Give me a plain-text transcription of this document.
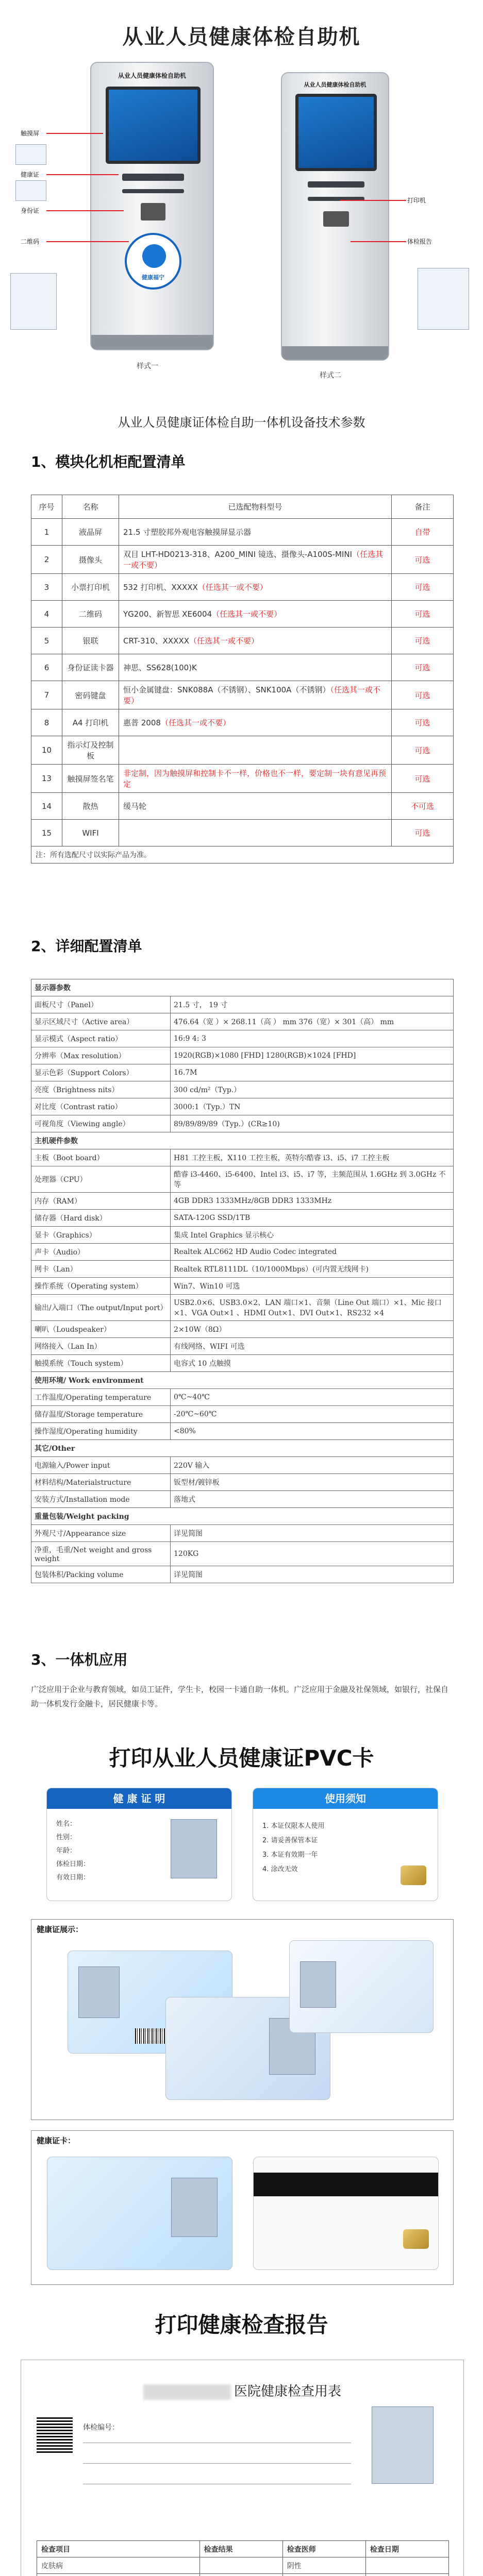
从业人员健康体检自助机
从业人员健康体检自助机
健康福宁
从业人员健康体检自助机
触摸屏
健康证
身份证
二维码
打印机
体检报告
样式一
样式二
从业人员健康证体检自助一体机设备技术参数
1、模块化机柜配置清单
序号	名称	已选配物料型号	备注
1	液晶屏	21.5 寸塑胶邦外观电容触摸屏显示器	自带
2	摄像头	双目 LHT-HD0213-318、A200_MINI 镜选、摄像头-A100S-MINI（任选其一或不要）	可选
3	小票打印机	532 打印机、XXXXX（任选其一或不要）	可选
4	二维码	YG200、新智思 XE6004（任选其一或不要）	可选
5	银联	CRT-310、XXXXX（任选其一或不要）	可选
6	身份证读卡器	神思、SS628(100)K	可选
7	密码键盘	恒小金属键盘：SNK088A（不锈钢）、SNK100A（不锈钢）（任选其一或不要）	可选
8	A4 打印机	惠普 2008（任选其一或不要）	可选
10	指示灯及控制板		可选
13	触摸屏签名笔	非定制，因为触摸屏和控制卡不一样，价格也不一样，要定制一块有意见再预定	可选
14	散热	缓马轮	不可选
15	WIFI		可选
注：所有选配尺寸以实际产品为准。			
2、详细配置清单
显示器参数	
面板尺寸（Panel）	21.5 寸， 19 寸
显示区域尺寸（Active area）	476.64（宽 ）× 268.11（高 ） mm 376（宽）× 301（高） mm
显示模式（Aspect ratio）	16:9 4: 3
分辨率（Max resolution）	1920(RGB)×1080 [FHD] 1280(RGB)×1024 [FHD]
显示色彩（Support Colors）	16.7M
亮度（Brightness nits）	300 cd/m²（Typ.）
对比度（Contrast ratio）	3000:1（Typ.）TN
可视角度（Viewing angle）	89/89/89/89（Typ.）(CR≥10)
主机硬件参数	
主板（Boot board）	H81 工控主板，X110 工控主板，英特尔酷睿 i3、i5、i7 工控主板
处理器（CPU）	酷睿 i3-4460、i5-6400、Intel i3、i5、i7 等，主频范围从 1.6GHz 到 3.0GHz 不等
内存（RAM）	4GB DDR3 1333MHz/8GB DDR3 1333MHz
储存器（Hard disk）	SATA-120G SSD/1TB
显卡（Graphics）	集成 Intel Graphics 显示核心
声卡（Audio）	Realtek ALC662 HD Audio Codec integrated
网卡（Lan）	Realtek RTL8111DL（10/1000Mbps）(可内置无线网卡)
操作系统（Operating system）	Win7、Win10 可选
输出/入端口（The output/Input port）	USB2.0×6、USB3.0×2、LAN 端口×1、音频（Line Out 端口）×1、Mic 接口×1、VGA Out×1 、HDMI Out×1、DVI Out×1、RS232 ×4
喇叭（Loudspeaker）	2×10W（8Ω）
网络接入（Lan In）	有线网络、WIFI 可选
触摸系统（Touch system）	电容式 10 点触摸
使用环境/ Work environment	
工作温度/Operating temperature	0℃~40℃
储存温度/Storage temperature	-20℃~60℃
操作湿度/Operating humidity	<80%
其它/Other	
电源输入/Power input	220V 输入
材料结构/Materialstructure	钣型材/镀锌板
安装方式/Installation mode	落地式
重量包装/Weight packing	
外观尺寸/Appearance size	详见简图
净重，毛重/Net weight and gross weight	120KG
包装体积/Packing volume	详见简图
3、一体机应用
广泛应用于企业与教育领域，如员工证件，学生卡，校园一卡通自助一体机。广泛应用于金融及社保领域，如银行，社保自助一体机发行金融卡，居民健康卡等。
打印从业人员健康证PVC卡
健 康 证 明
姓名：
性别：
年龄：
体检日期：
有效日期：
使用须知
1. 本证仅限本人使用
2. 请妥善保管本证
3. 本证有效期一年
4. 涂改无效
健康证展示：
健康证卡：
打印健康检查报告
医院健康检查用表
体检编号：
检查项目	检查结果	检查医师	检查日期
皮肤病		阴性	
